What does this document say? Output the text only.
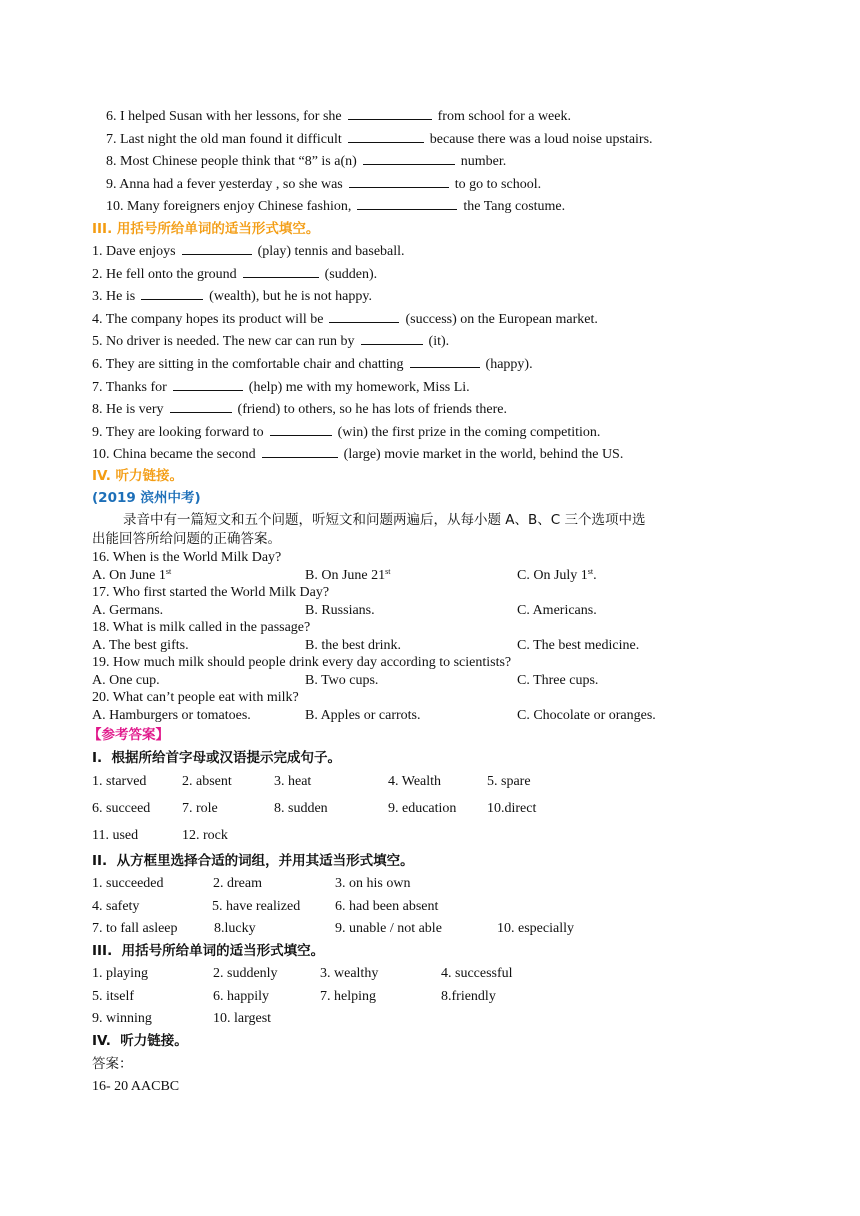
6. I helped Susan with her lessons, for she	from school for a week.
7. Last night the old man found it difficult	because there was a loud noise upstairs.
8. Most Chinese people think that “8” is a(n)	number.
9. Anna had a fever yesterday , so she was	to go to school.
10. Many foreigners enjoy Chinese fashion,	the Tang costume.
III. 用括号所给单词的适当形式填空。
1. Dave enjoys	(play) tennis and baseball.
2. He fell onto the ground	(sudden).
3. He is	(wealth), but he is not happy.
4. The company hopes its product will be	(success) on the European market.
5. No driver is needed. The new car can run by	(it).
6. They are sitting in the comfortable chair and chatting	(happy).
7. Thanks for	(help) me with my homework, Miss Li.
8. He is very	(friend) to others, so he has lots of friends there.
9. They are looking forward to	(win) the first prize in the coming competition.
10. China became the second	(large) movie market in the world, behind the US.
IV. 听力链接。
(2019 滨州中考)
录音中有一篇短文和五个问题，听短文和问题两遍后，从每小题 A、B、C 三个选项中选
出能回答所给问题的正确答案。
16. When is the World Milk Day?
A. On June 1st	B. On June 21st	C. On July 1st.
17. Who first started the World Milk Day?
A. Germans.	B. Russians.	C. Americans.
18. What is milk called in the passage?
A. The best gifts.	B. the best drink.	C. The best medicine.
19. How much milk should people drink every day according to scientists?
A. One cup.	B. Two cups.	C. Three cups.
20. What can’t people eat with milk?
A. Hamburgers or tomatoes.	B. Apples or carrots.	C. Chocolate or oranges.
【参考答案】
I.  根据所给首字母或汉语提示完成句子。
1. starved	2. absent	3. heat	4. Wealth	5. spare
6. succeed 7. role	8. sudden	9. education 10.direct
11. used	12. rock
II.  从方框里选择合适的词组，并用其适当形式填空。
1. succeeded	2. dream	3. on his own
4. safety	5. have realized 6. had been absent
7. to fall asleep	8.lucky	9. unable / not able	10. especially
III.  用括号所给单词的适当形式填空。
1. playing	2. suddenly	3. wealthy	4. successful
5. itself	6. happily	7. helping	8.friendly
9. winning	10. largest
IV.  听力链接。
答案：
16- 20 AACBC
